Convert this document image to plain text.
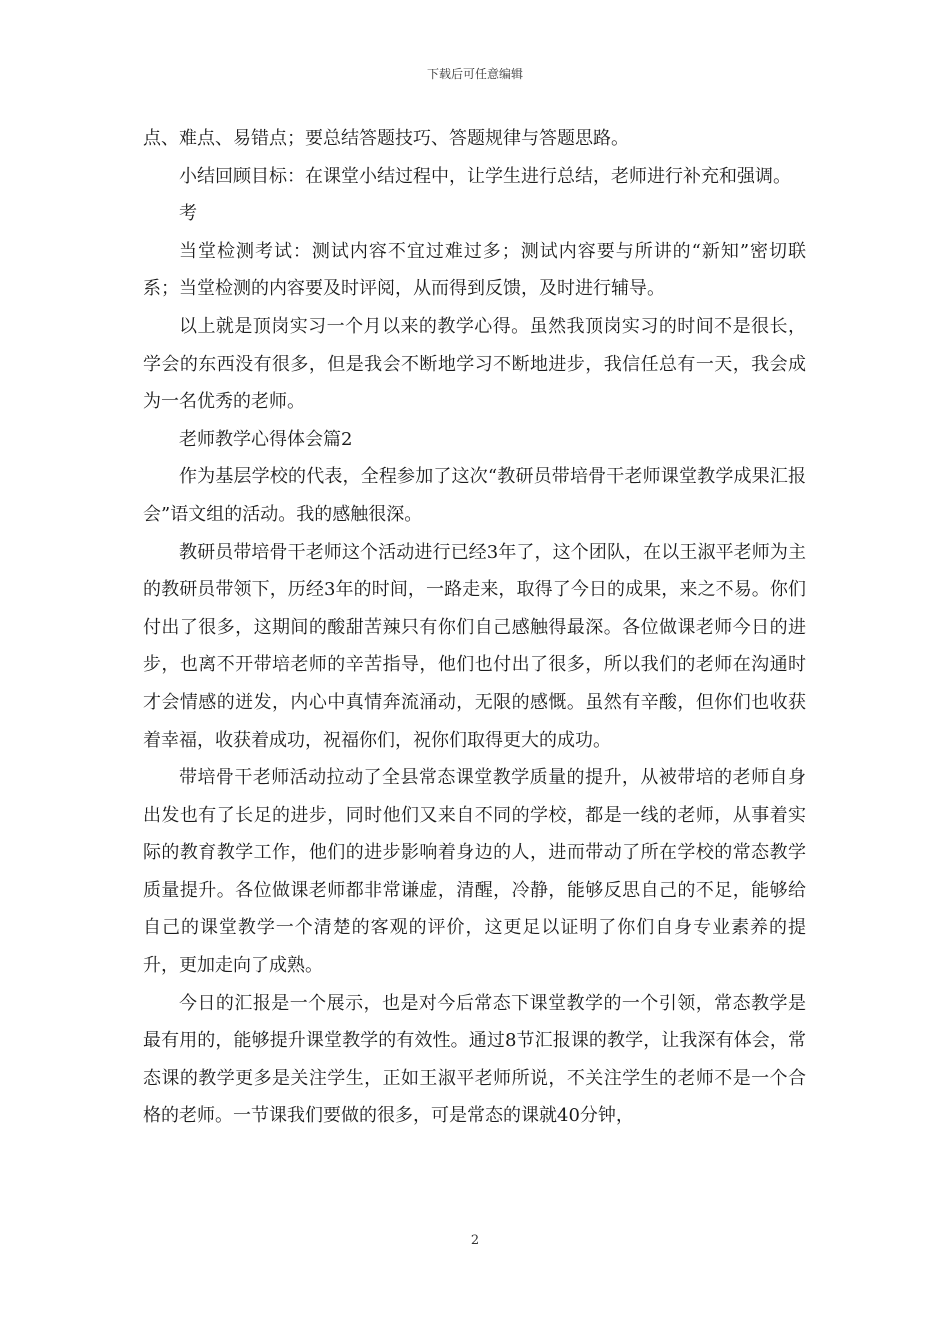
下载后可任意编辑

点、难点、易错点；要总结答题技巧、答题规律与答题思路。

小结回顾目标：在课堂小结过程中，让学生进行总结，老师进行补充和强调。

考

当堂检测考试：测试内容不宜过难过多；测试内容要与所讲的“新知”密切联系；当堂检测的内容要及时评阅，从而得到反馈，及时进行辅导。

以上就是顶岗实习一个月以来的教学心得。虽然我顶岗实习的时间不是很长，学会的东西没有很多，但是我会不断地学习不断地进步，我信任总有一天，我会成为一名优秀的老师。

老师教学心得体会篇2

作为基层学校的代表，全程参加了这次“教研员带培骨干老师课堂教学成果汇报会”语文组的活动。我的感触很深。

教研员带培骨干老师这个活动进行已经3年了，这个团队，在以王淑平老师为主的教研员带领下，历经3年的时间，一路走来，取得了今日的成果，来之不易。你们付出了很多，这期间的酸甜苦辣只有你们自己感触得最深。各位做课老师今日的进步，也离不开带培老师的辛苦指导，他们也付出了很多，所以我们的老师在沟通时才会情感的迸发，内心中真情奔流涌动，无限的感慨。虽然有辛酸，但你们也收获着幸福，收获着成功，祝福你们，祝你们取得更大的成功。

带培骨干老师活动拉动了全县常态课堂教学质量的提升，从被带培的老师自身出发也有了长足的进步，同时他们又来自不同的学校，都是一线的老师，从事着实际的教育教学工作，他们的进步影响着身边的人，进而带动了所在学校的常态教学质量提升。各位做课老师都非常谦虚，清醒，冷静，能够反思自己的不足，能够给自己的课堂教学一个清楚的客观的评价，这更足以证明了你们自身专业素养的提升，更加走向了成熟。

今日的汇报是一个展示，也是对今后常态下课堂教学的一个引领，常态教学是最有用的，能够提升课堂教学的有效性。通过8节汇报课的教学，让我深有体会，常态课的教学更多是关注学生，正如王淑平老师所说，不关注学生的老师不是一个合格的老师。一节课我们要做的很多，可是常态的课就40分钟，

2
